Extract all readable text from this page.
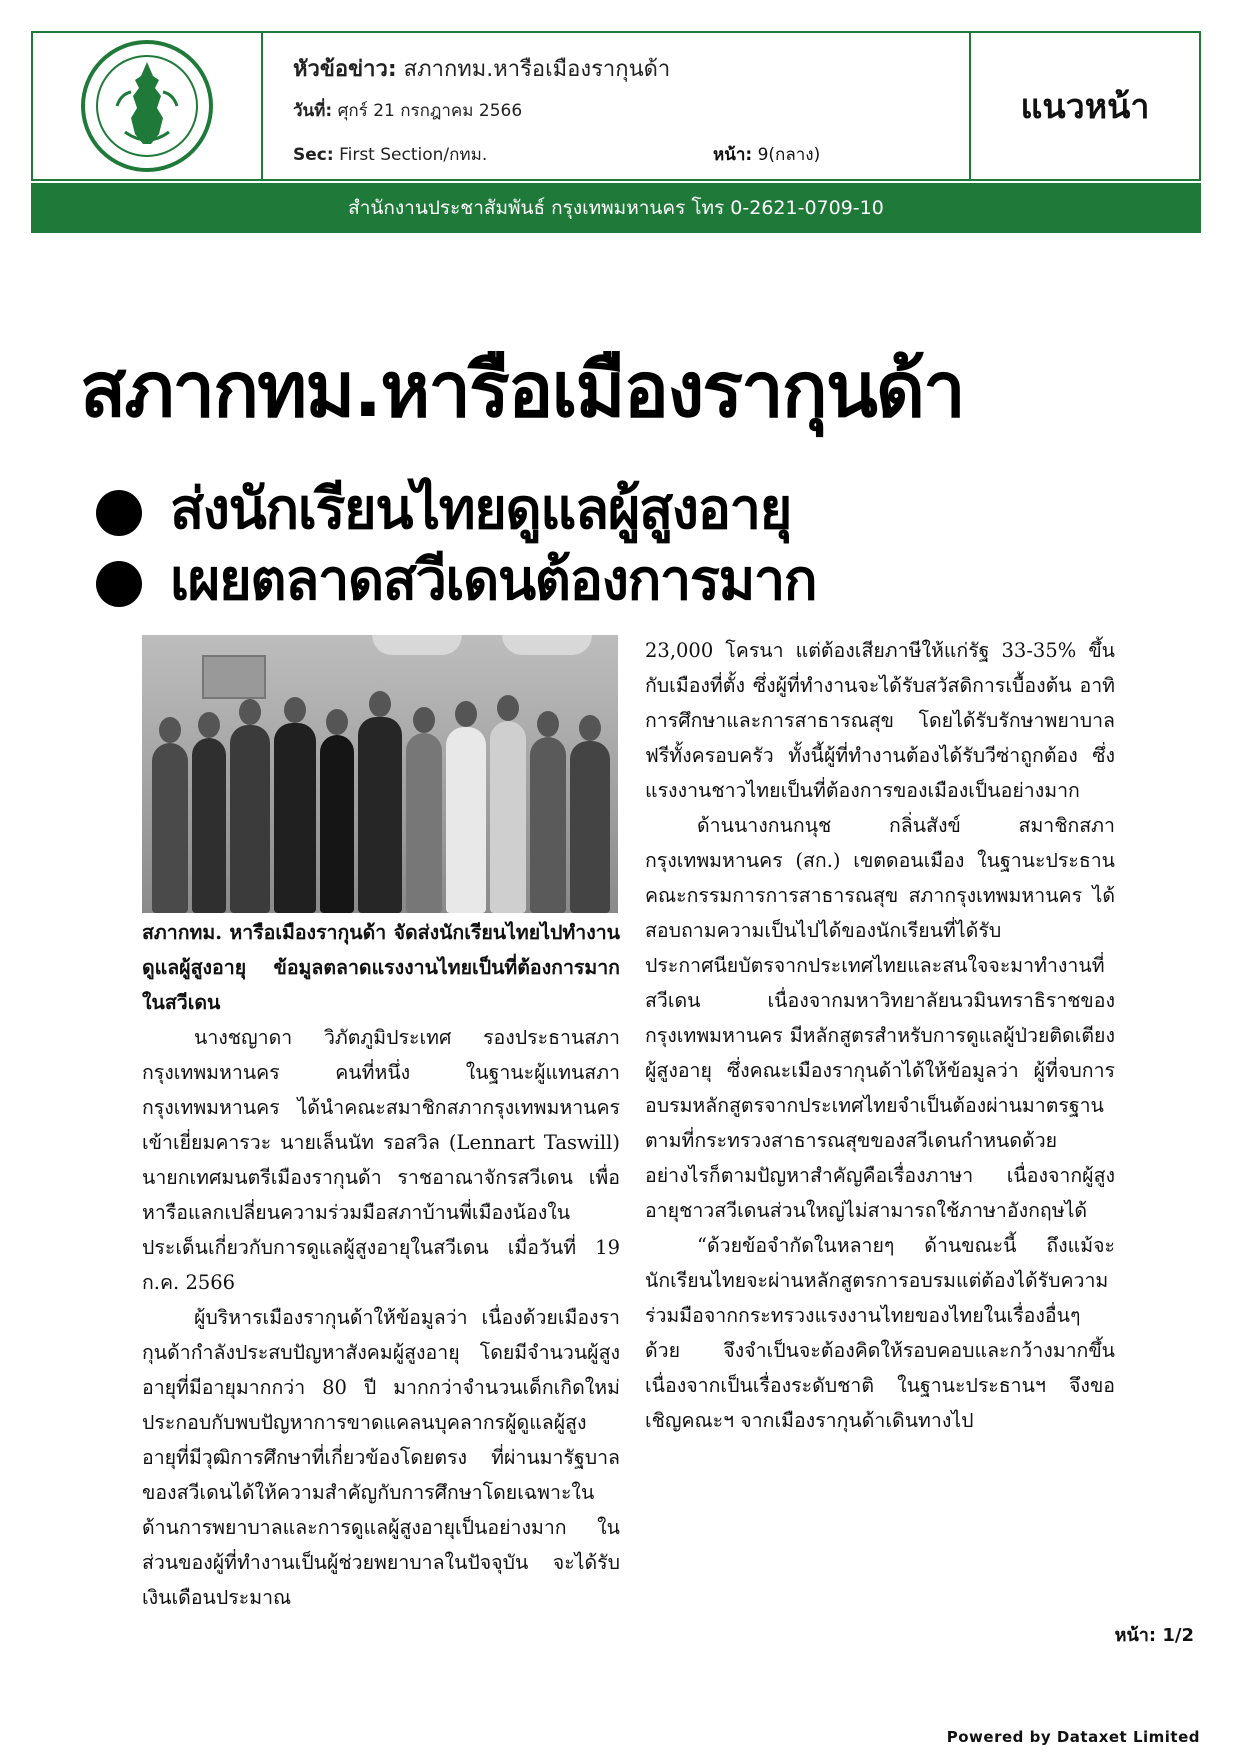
หัวข้อข่าว: สภากทม.หารือเมืองรากุนด้า
วันที่: ศุกร์ 21 กรกฎาคม 2566
Sec: First Section/กทม.	หน้า: 9(กลาง)
แนวหน้า
สำนักงานประชาสัมพันธ์ กรุงเทพมหานคร โทร 0-2621-0709-10
สภากทม.หารือเมืองรากุนด้า
ส่งนักเรียนไทยดูแลผู้สูงอายุ
เผยตลาดสวีเดนต้องการมาก

สภากทม. หารือเมืองรากุนด้า จัดส่งนักเรียนไทยไปทำงานดูแลผู้สูงอายุ ข้อมูลตลาดแรงงานไทยเป็นที่ต้องการมากในสวีเดน

นางชญาดา วิภัตภูมิประเทศ รองประธานสภากรุงเทพมหานคร คนที่หนึ่ง ในฐานะผู้แทนสภากรุงเทพมหานคร ได้นำคณะสมาชิกสภากรุงเทพมหานครเข้าเยี่ยมคารวะ นายเล็นนัท รอสวิล (Lennart Taswill) นายกเทศมนตรีเมืองรากุนด้า ราชอาณาจักรสวีเดน เพื่อหารือแลกเปลี่ยนความร่วมมือสภาบ้านพี่เมืองน้องในประเด็นเกี่ยวกับการดูแลผู้สูงอายุในสวีเดน เมื่อวันที่ 19 ก.ค. 2566

ผู้บริหารเมืองรากุนด้าให้ข้อมูลว่า เนื่องด้วยเมืองรากุนด้ากำลังประสบปัญหาสังคมผู้สูงอายุ โดยมีจำนวนผู้สูงอายุที่มีอายุมากกว่า 80 ปี มากกว่าจำนวนเด็กเกิดใหม่ ประกอบกับพบปัญหาการขาดแคลนบุคลากรผู้ดูแลผู้สูงอายุที่มีวุฒิการศึกษาที่เกี่ยวข้องโดยตรง ที่ผ่านมารัฐบาลของสวีเดนได้ให้ความสำคัญกับการศึกษาโดยเฉพาะในด้านการพยาบาลและการดูแลผู้สูงอายุเป็นอย่างมาก ในส่วนของผู้ที่ทำงานเป็นผู้ช่วยพยาบาลในปัจจุบัน จะได้รับเงินเดือนประมาณ

23,000 โครนา แต่ต้องเสียภาษีให้แก่รัฐ 33-35% ขึ้นกับเมืองที่ตั้ง ซึ่งผู้ที่ทำงานจะได้รับสวัสดิการเบื้องต้น อาทิ การศึกษาและการสาธารณสุข โดยได้รับรักษาพยาบาลฟรีทั้งครอบครัว ทั้งนี้ผู้ที่ทำงานต้องได้รับวีซ่าถูกต้อง ซึ่งแรงงานชาวไทยเป็นที่ต้องการของเมืองเป็นอย่างมาก

ด้านนางกนกนุช กลิ่นสังข์ สมาชิกสภากรุงเทพมหานคร (สก.) เขตดอนเมือง ในฐานะประธานคณะกรรมการการสาธารณสุข สภากรุงเทพมหานคร ได้สอบถามความเป็นไปได้ของนักเรียนที่ได้รับประกาศนียบัตรจากประเทศไทยและสนใจจะมาทำงานที่สวีเดน เนื่องจากมหาวิทยาลัยนวมินทราธิราชของกรุงเทพมหานคร มีหลักสูตรสำหรับการดูแลผู้ป่วยติดเตียง ผู้สูงอายุ ซึ่งคณะเมืองรากุนด้าได้ให้ข้อมูลว่า ผู้ที่จบการอบรมหลักสูตรจากประเทศไทยจำเป็นต้องผ่านมาตรฐานตามที่กระทรวงสาธารณสุขของสวีเดนกำหนดด้วย อย่างไรก็ตามปัญหาสำคัญคือเรื่องภาษา เนื่องจากผู้สูงอายุชาวสวีเดนส่วนใหญ่ไม่สามารถใช้ภาษาอังกฤษได้

“ด้วยข้อจำกัดในหลายๆ ด้านขณะนี้ ถึงแม้จะนักเรียนไทยจะผ่านหลักสูตรการอบรมแต่ต้องได้รับความร่วมมือจากกระทรวงแรงงานไทยของไทยในเรื่องอื่นๆ ด้วย จึงจำเป็นจะต้องคิดให้รอบคอบและกว้างมากขึ้น เนื่องจากเป็นเรื่องระดับชาติ ในฐานะประธานฯ จึงขอเชิญคณะฯ จากเมืองรากุนด้าเดินทางไป

หน้า: 1/2
Powered by Dataxet Limited
